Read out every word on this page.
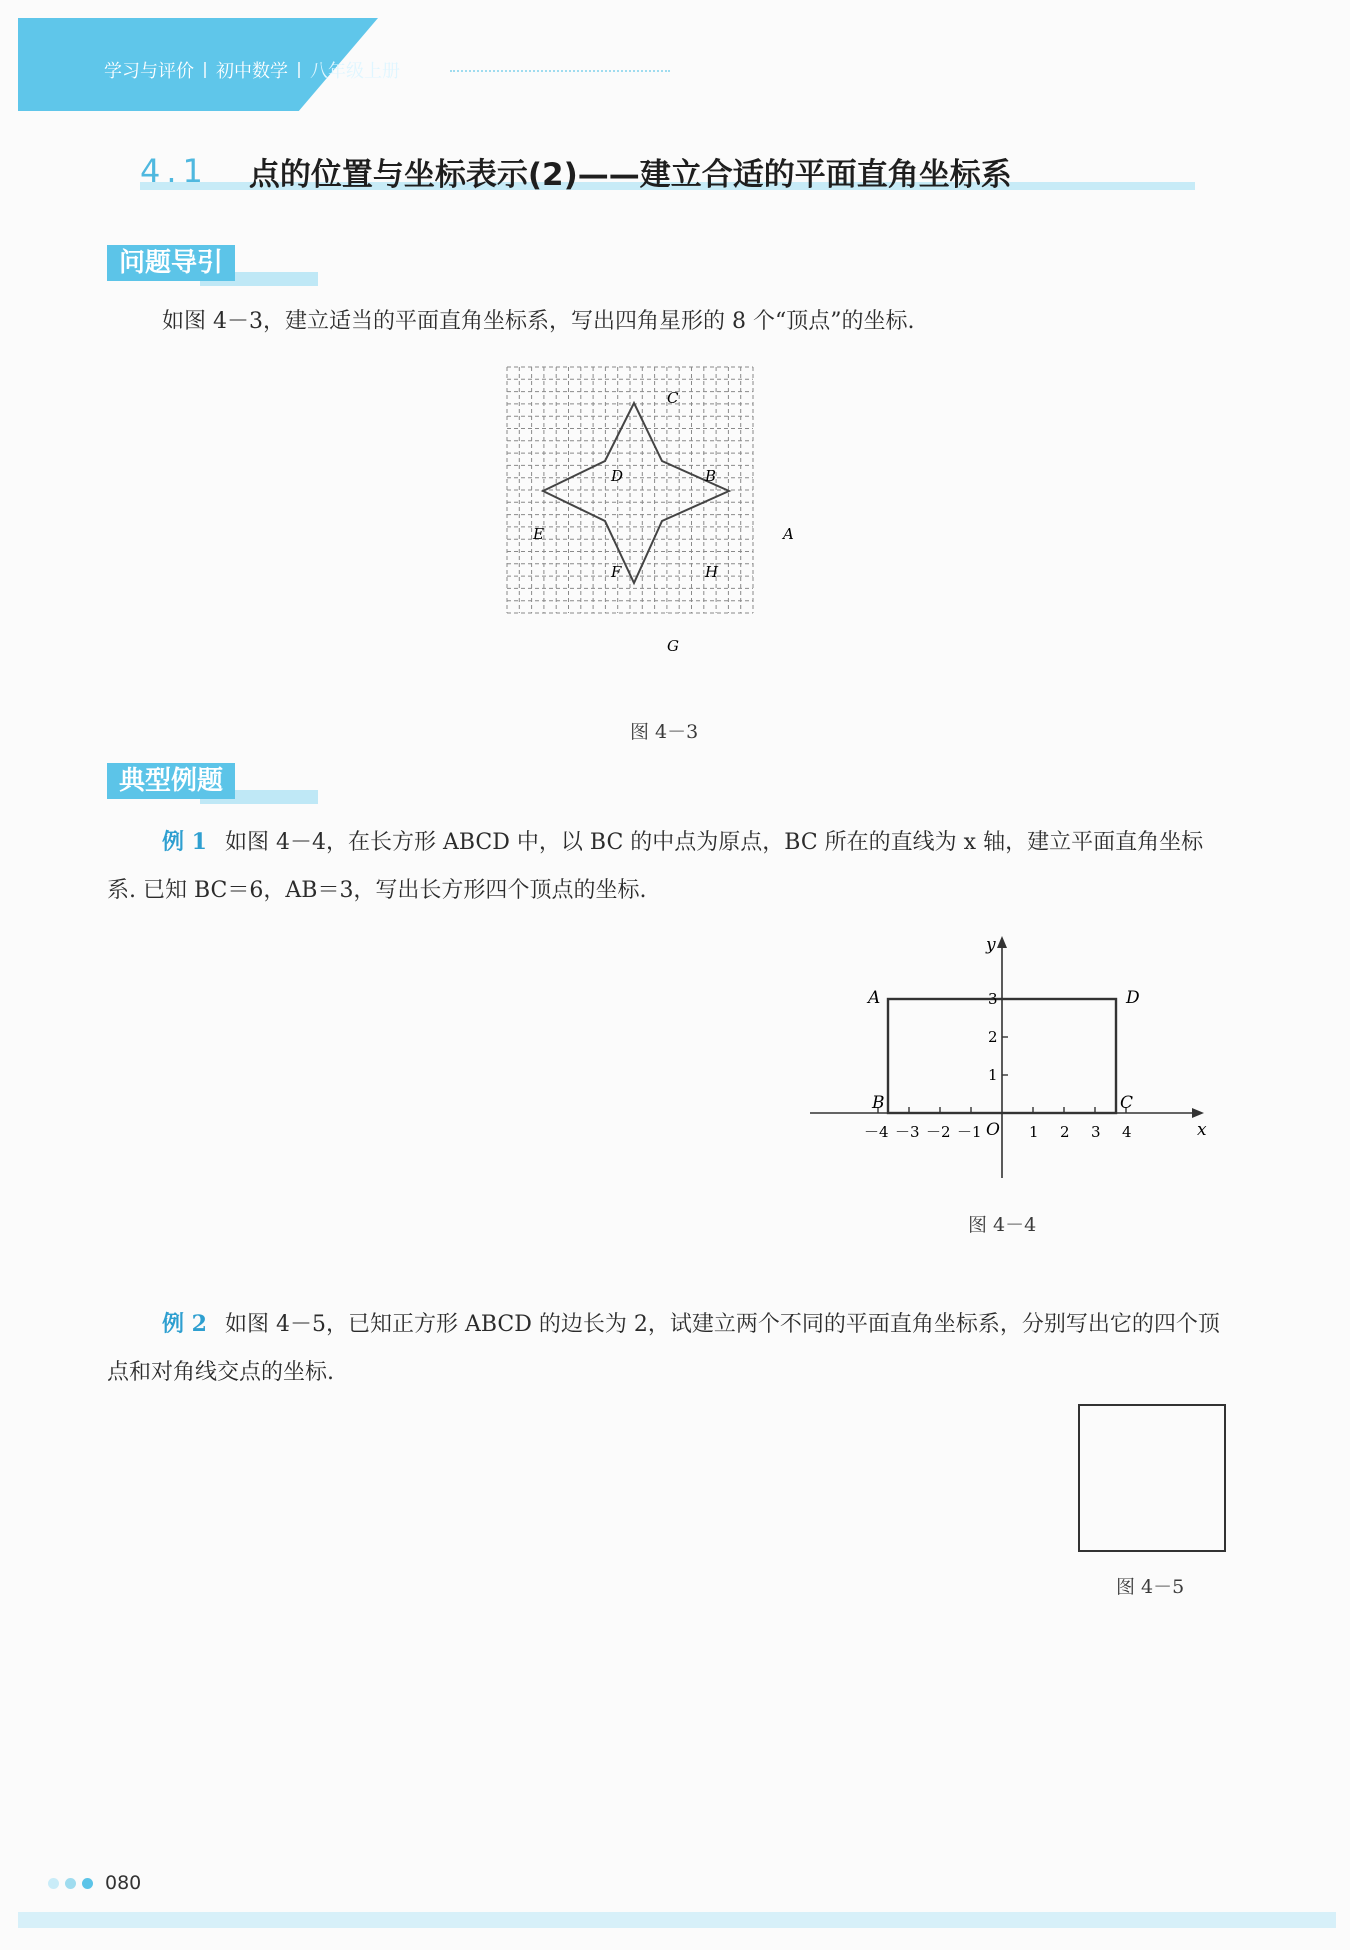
学习与评价 初中数学 八年级上册
4.1 点的位置与坐标表示(2)——建立合适的平面直角坐标系
问题导引
如图 4－3，建立适当的平面直角坐标系，写出四角星形的 8 个“顶点”的坐标.
C
B
D
E	A
F	H
G
图 4－3
典型例题
例 1 如图 4－4，在长方形 ABCD 中，以 BC 的中点为原点，BC 所在的直线为 x 轴，建立平面直角坐标系. 已知 BC＝6，AB＝3，写出长方形四个顶点的坐标.
y
x
O
A	D
B	C
－4 －3 －2 －1	1 2 3 4
1
2
3
图 4－4
例 2 如图 4－5，已知正方形 ABCD 的边长为 2，试建立两个不同的平面直角坐标系，分别写出它的四个顶点和对角线交点的坐标.
图 4－5
080
